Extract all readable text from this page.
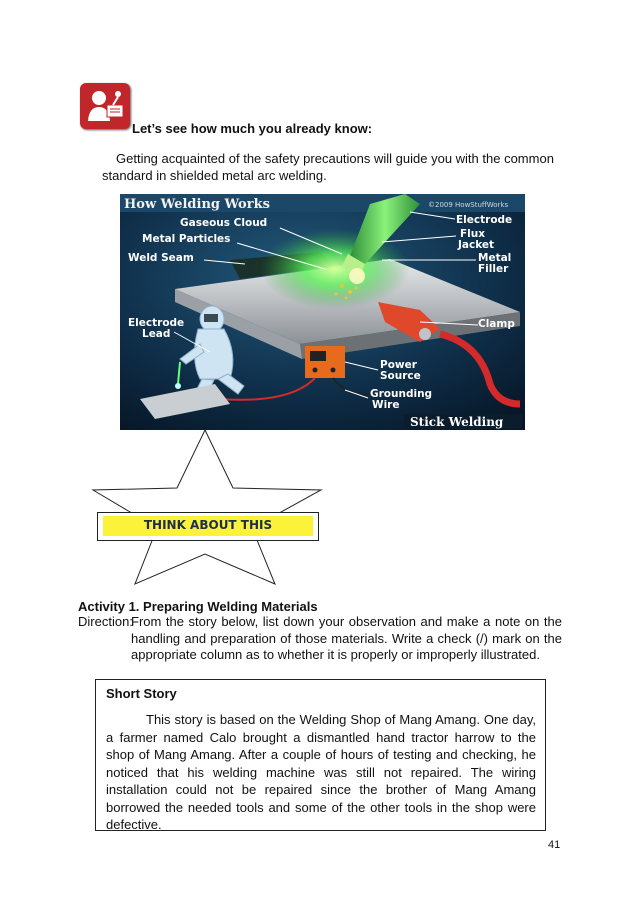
Let’s see how much you already know:
Getting acquainted of the safety precautions will guide you with the common standard in shielded metal arc welding.
How Welding Works	©2009 HowStuffWorks
Gaseous Cloud
Metal Particles
Weld Seam
Electrode
Flux
Jacket
Metal
Filler
Clamp
Electrode
Lead
Power
Source
Grounding
Wire
Stick Welding
THINK ABOUT THIS
Activity 1. Preparing Welding Materials
Direction:
From the story below, list down your observation and make a note on the handling and preparation of those materials. Write a check (/) mark on the appropriate column as to whether it is properly or improperly illustrated.
Short Story
This story is based on the Welding Shop of Mang Amang. One day, a farmer named Calo brought a dismantled hand tractor harrow to the shop of Mang Amang. After a couple of hours of testing and checking, he noticed that his welding machine was still not repaired. The wiring installation could not be repaired since the brother of Mang Amang borrowed the needed tools and some of the other tools in the shop were defective.
41
